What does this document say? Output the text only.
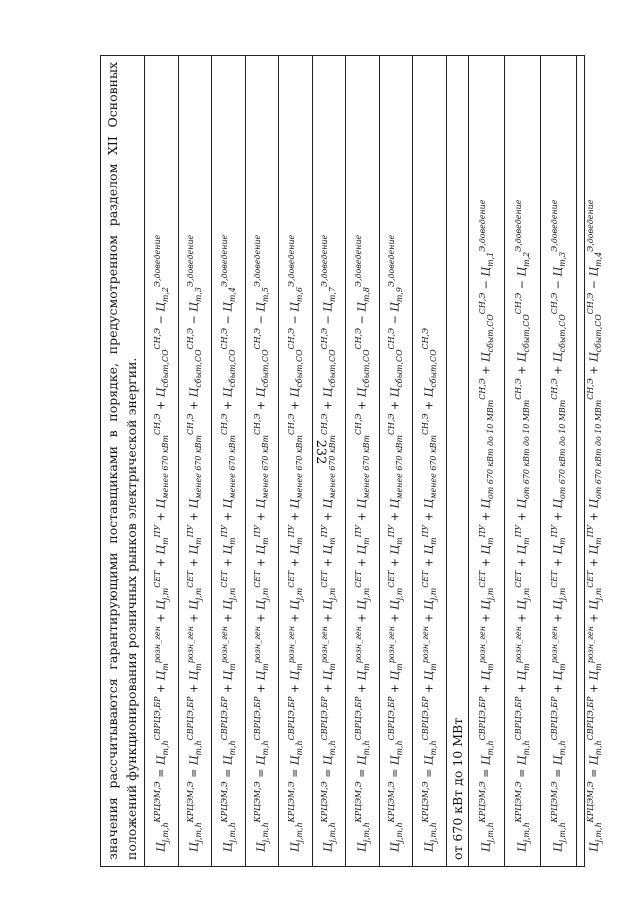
232
значения рассчитываются гарантирующими поставщиками в порядке, предусмотренном разделом XII Основных положений функционирования розничных рынков электрической энергии.	$Ц_{j,m,h}^{КРЦЭМ,Э} = Ц_{m,h}^{СВРЦЭ,БР} + Ц_m^{розн\_ген} + Ц_{j,m}^{СЕТ} + Ц_m^{ПУ} + Ц_{менее 670 кВт}^{СН,Э} + Ц_{сбыт,СО}^{СН,Э} - Ц_{m,2}^{Э,доведение}$
$Ц_{j,m,h}^{КРЦЭМ,Э} = Ц_{m,h}^{СВРЦЭ,БР} + Ц_m^{розн\_ген} + Ц_{j,m}^{СЕТ} + Ц_m^{ПУ} + Ц_{менее 670 кВт}^{СН,Э} + Ц_{сбыт,СО}^{СН,Э} - Ц_{m,3}^{Э,доведение}$
$Ц_{j,m,h}^{КРЦЭМ,Э} = Ц_{m,h}^{СВРЦЭ,БР} + Ц_m^{розн\_ген} + Ц_{j,m}^{СЕТ} + Ц_m^{ПУ} + Ц_{менее 670 кВт}^{СН,Э} + Ц_{сбыт,СО}^{СН,Э} - Ц_{m,4}^{Э,доведение}$
$Ц_{j,m,h}^{КРЦЭМ,Э} = Ц_{m,h}^{СВРЦЭ,БР} + Ц_m^{розн\_ген} + Ц_{j,m}^{СЕТ} + Ц_m^{ПУ} + Ц_{менее 670 кВт}^{СН,Э} + Ц_{сбыт,СО}^{СН,Э} - Ц_{m,5}^{Э,доведение}$
$Ц_{j,m,h}^{КРЦЭМ,Э} = Ц_{m,h}^{СВРЦЭ,БР} + Ц_m^{розн\_ген} + Ц_{j,m}^{СЕТ} + Ц_m^{ПУ} + Ц_{менее 670 кВт}^{СН,Э} + Ц_{сбыт,СО}^{СН,Э} - Ц_{m,6}^{Э,доведение}$
$Ц_{j,m,h}^{КРЦЭМ,Э} = Ц_{m,h}^{СВРЦЭ,БР} + Ц_m^{розн\_ген} + Ц_{j,m}^{СЕТ} + Ц_m^{ПУ} + Ц_{менее 670 кВт}^{СН,Э} + Ц_{сбыт,СО}^{СН,Э} - Ц_{m,7}^{Э,доведение}$
$Ц_{j,m,h}^{КРЦЭМ,Э} = Ц_{m,h}^{СВРЦЭ,БР} + Ц_m^{розн\_ген} + Ц_{j,m}^{СЕТ} + Ц_m^{ПУ} + Ц_{менее 670 кВт}^{СН,Э} + Ц_{сбыт,СО}^{СН,Э} - Ц_{m,8}^{Э,доведение}$
$Ц_{j,m,h}^{КРЦЭМ,Э} = Ц_{m,h}^{СВРЦЭ,БР} + Ц_m^{розн\_ген} + Ц_{j,m}^{СЕТ} + Ц_m^{ПУ} + Ц_{менее 670 кВт}^{СН,Э} + Ц_{сбыт,СО}^{СН,Э} - Ц_{m,9}^{Э,доведение}$
$Ц_{j,m,h}^{КРЦЭМ,Э} = Ц_{m,h}^{СВРЦЭ,БР} + Ц_m^{розн\_ген} + Ц_{j,m}^{СЕТ} + Ц_m^{ПУ} + Ц_{менее 670 кВт}^{СН,Э} + Ц_{сбыт,СО}^{СН,Э}$
от 670 кВт до 10 МВт	$Ц_{j,m,h}^{КРЦЭМ,Э} = Ц_{m,h}^{СВРЦЭ,БР} + Ц_m^{розн\_ген} + Ц_{j,m}^{СЕТ} + Ц_m^{ПУ} + Ц_{от 670 кВт до 10 МВт}^{СН,Э} + Ц_{сбыт,СО}^{СН,Э} - Ц_{m,1}^{Э,доведение}$
$Ц_{j,m,h}^{КРЦЭМ,Э} = Ц_{m,h}^{СВРЦЭ,БР} + Ц_m^{розн\_ген} + Ц_{j,m}^{СЕТ} + Ц_m^{ПУ} + Ц_{от 670 кВт до 10 МВт}^{СН,Э} + Ц_{сбыт,СО}^{СН,Э} - Ц_{m,2}^{Э,доведение}$
$Ц_{j,m,h}^{КРЦЭМ,Э} = Ц_{m,h}^{СВРЦЭ,БР} + Ц_m^{розн\_ген} + Ц_{j,m}^{СЕТ} + Ц_m^{ПУ} + Ц_{от 670 кВт до 10 МВт}^{СН,Э} + Ц_{сбыт,СО}^{СН,Э} - Ц_{m,3}^{Э,доведение}$
$Ц_{j,m,h}^{КРЦЭМ,Э} = Ц_{m,h}^{СВРЦЭ,БР} + Ц_m^{розн\_ген} + Ц_{j,m}^{СЕТ} + Ц_m^{ПУ} + Ц_{от 670 кВт до 10 МВт}^{СН,Э} + Ц_{сбыт,СО}^{СН,Э} - Ц_{m,4}^{Э,доведение}$
